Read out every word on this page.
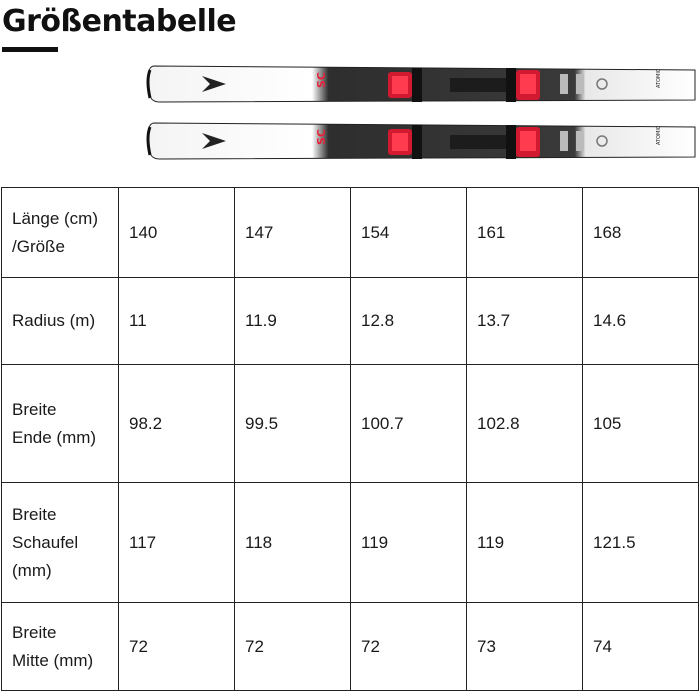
Größentabelle
SC	ATOMIC
SC	ATOMIC
Länge (cm)
/Größe	140	147	154	161	168
Radius (m)	11	11.9	12.8	13.7	14.6
Breite
Ende (mm)	98.2	99.5	100.7	102.8	105
Breite
Schaufel
(mm)	117	118	119	119	121.5
Breite
Mitte (mm)	72	72	72	73	74
